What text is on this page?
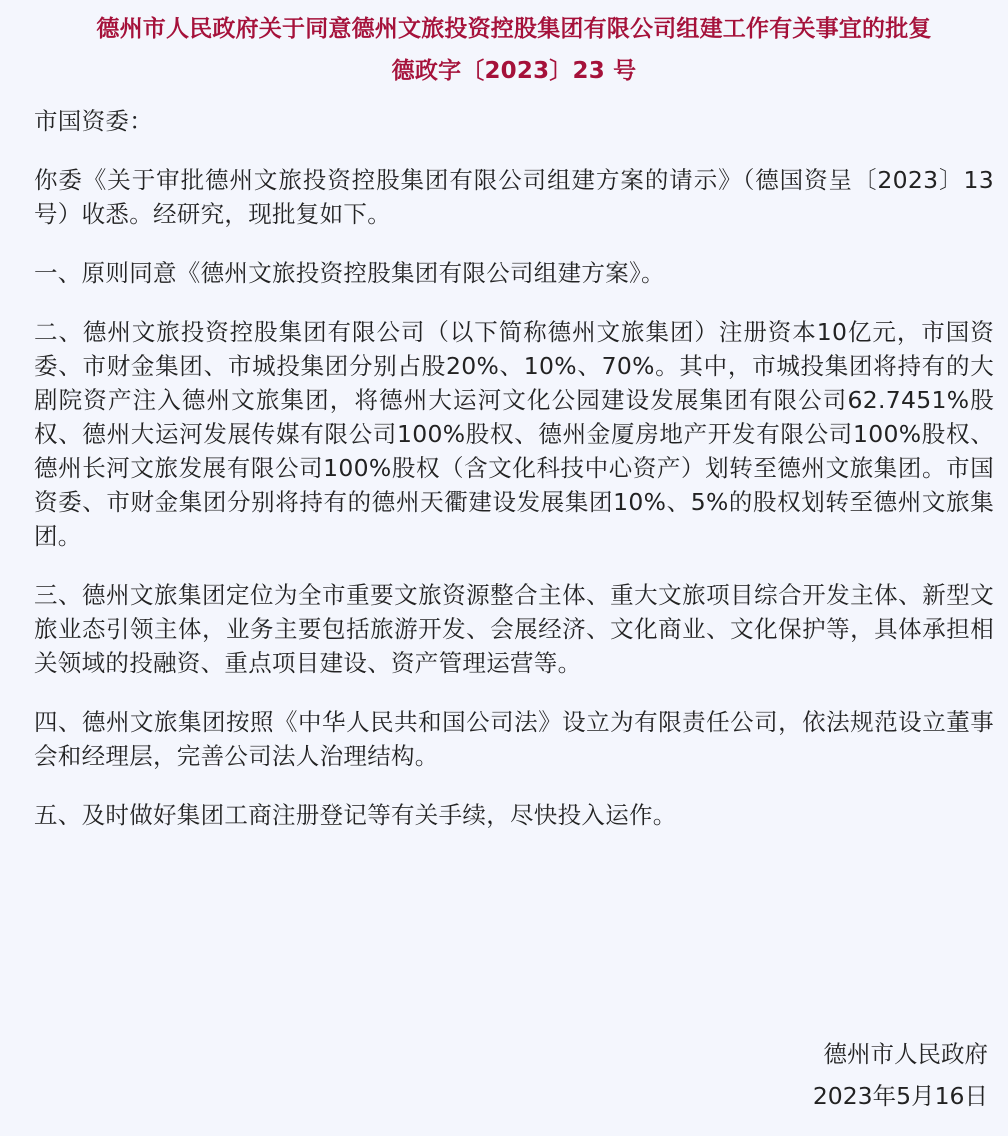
德州市人民政府关于同意德州文旅投资控股集团有限公司组建工作有关事宜的批复
德政字〔2023〕23 号

市国资委：

你委《关于审批德州文旅投资控股集团有限公司组建方案的请示》（德国资呈〔2023〕13号）收悉。经研究，现批复如下。

一、原则同意《德州文旅投资控股集团有限公司组建方案》。

二、德州文旅投资控股集团有限公司（以下简称德州文旅集团）注册资本10亿元，市国资委、市财金集团、市城投集团分别占股20%、10%、70%。其中，市城投集团将持有的大剧院资产注入德州文旅集团，将德州大运河文化公园建设发展集团有限公司62.7451%股权、德州大运河发展传媒有限公司100%股权、德州金厦房地产开发有限公司100%股权、德州长河文旅发展有限公司100%股权（含文化科技中心资产）划转至德州文旅集团。市国资委、市财金集团分别将持有的德州天衢建设发展集团10%、5%的股权划转至德州文旅集团。

三、德州文旅集团定位为全市重要文旅资源整合主体、重大文旅项目综合开发主体、新型文旅业态引领主体，业务主要包括旅游开发、会展经济、文化商业、文化保护等，具体承担相关领域的投融资、重点项目建设、资产管理运营等。

四、德州文旅集团按照《中华人民共和国公司法》设立为有限责任公司，依法规范设立董事会和经理层，完善公司法人治理结构。

五、及时做好集团工商注册登记等有关手续，尽快投入运作。

德州市人民政府
2023年5月16日
